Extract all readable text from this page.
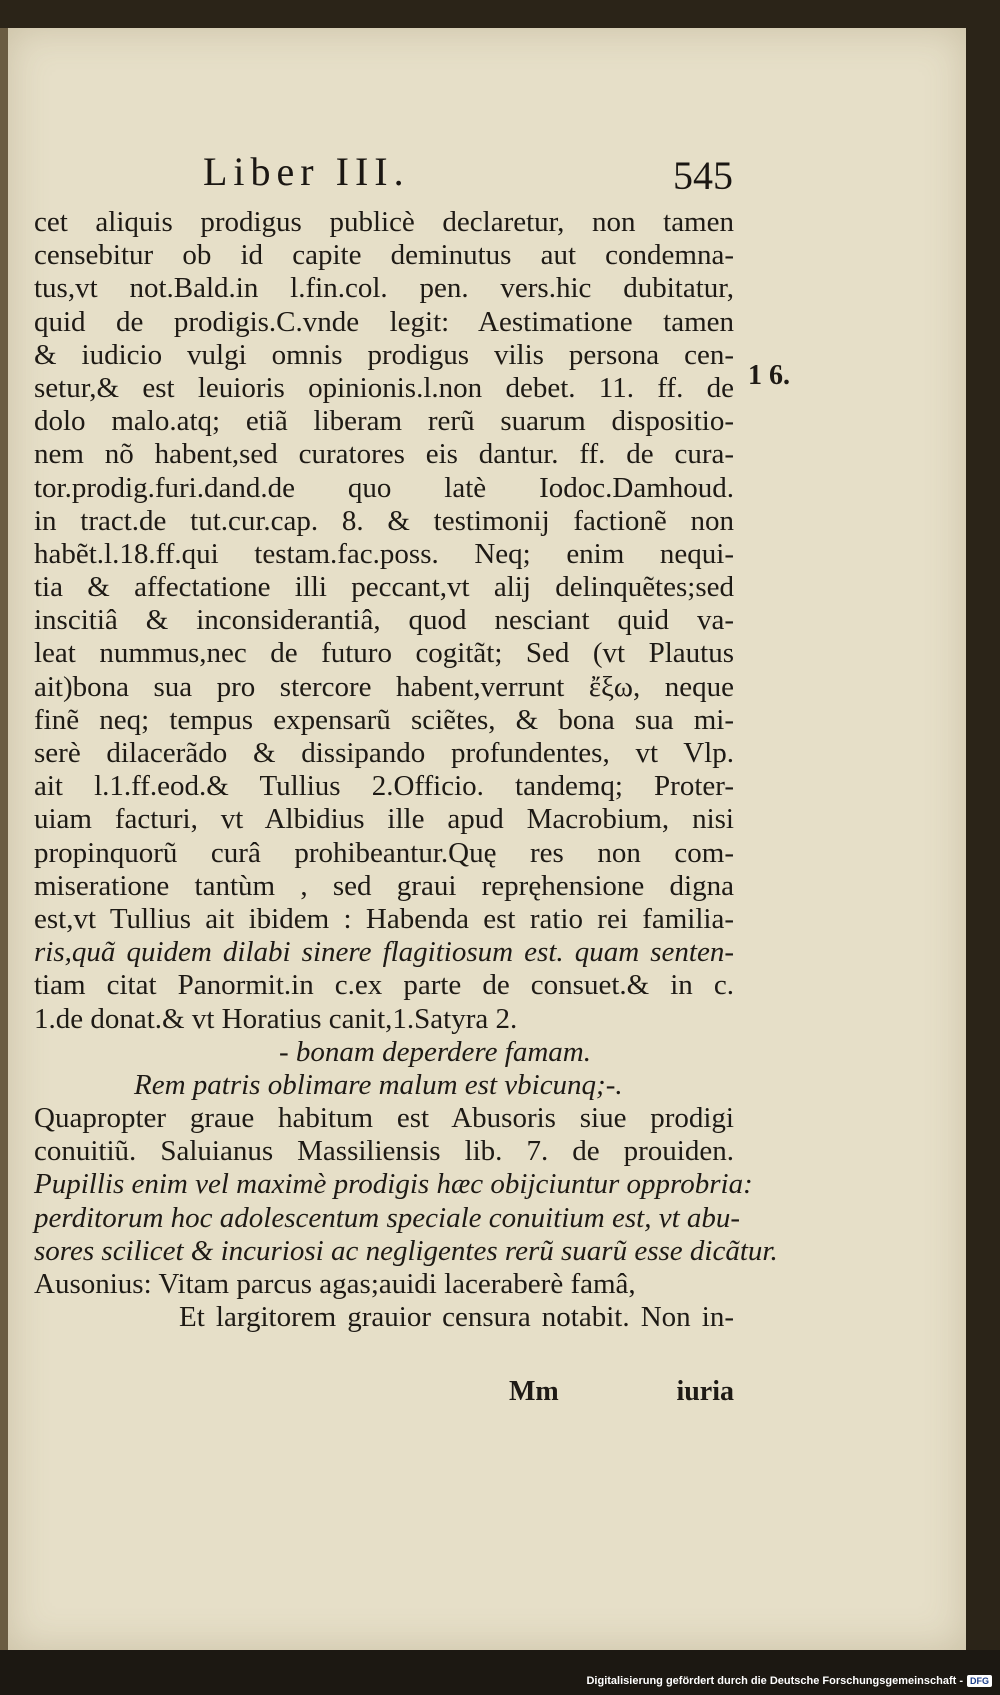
Liber III.	545
1 6.
cet aliquis prodigus publicè declaretur, non tamen
censebitur ob id capite deminutus aut condemna-
tus,vt not.Bald.in l.fin.col. pen. vers.hic dubitatur,
quid de prodigis.C.vnde legit: Aestimatione tamen
& iudicio vulgi omnis prodigus vilis persona cen-
setur,& est leuioris opinionis.l.non debet. 11. ff. de
dolo malo.atq; etiã liberam rerũ suarum dispositio-
nem nõ habent,sed curatores eis dantur. ff. de cura-
tor.prodig.furi.dand.de quo latè Iodoc.Damhoud.
in tract.de tut.cur.cap. 8. & testimonij factionẽ non
habẽt.l.18.ff.qui testam.fac.poss. Neq; enim nequi-
tia & affectatione illi peccant,vt alij delinquẽtes;sed
inscitiâ & inconsiderantiâ, quod nesciant quid va-
leat nummus,nec de futuro cogitãt; Sed (vt Plautus
ait)bona sua pro stercore habent,verrunt ἔξω, neque
finẽ neq; tempus expensarũ sciẽtes, & bona sua mi-
serè dilacerãdo & dissipando profundentes, vt Vlp.
ait l.1.ff.eod.& Tullius 2.Officio. tandemq; Proter-
uiam facturi, vt Albidius ille apud Macrobium, nisi
propinquorũ curâ prohibeantur.Quę res non com-
miseratione tantùm , sed graui repręhensione digna
est,vt Tullius ait ibidem : Habenda est ratio rei familia-
ris,quã quidem dilabi sinere flagitiosum est. quam senten-
tiam citat Panormit.in c.ex parte de consuet.& in c.
1.de donat.& vt Horatius canit,1.Satyra 2.
- bonam deperdere famam.
Rem patris oblimare malum est vbicunq;-.
Quapropter graue habitum est Abusoris siue prodigi
conuitiũ. Saluianus Massiliensis lib. 7. de prouiden.
Pupillis enim vel maximè prodigis hæc obijciuntur opprobria:
perditorum hoc adolescentum speciale conuitium est, vt abu-
sores scilicet & incuriosi ac negligentes rerũ suarũ esse dicãtur.
Ausonius: Vitam parcus agas;auidi laceraberè famâ,
Et largitorem grauior censura notabit. Non in-
Mm	iuria
Digitalisierung gefördert durch die Deutsche Forschungsgemeinschaft - DFG
